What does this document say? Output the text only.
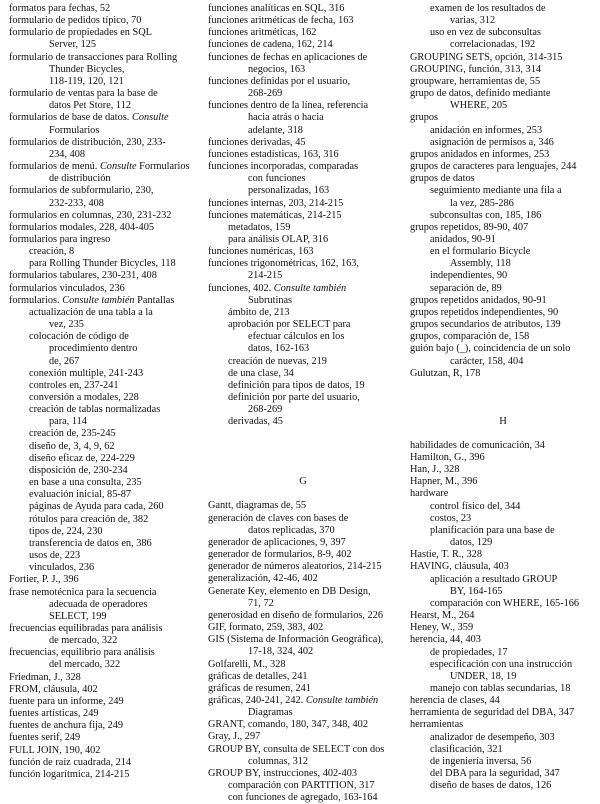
formatos para fechas, 52
formulario de pedidos típico, 70
formulario de propiedades en SQL
Server, 125
formulario de transacciones para Rolling
Thunder Bicycles,
118-119, 120, 121
formulario de ventas para la base de
datos Pet Store, 112
formularios de base de datos. Consulte
Formularios
formularios de distribución, 230, 233-
234, 408
formularios de menú. Consulte Formularios
de distribución
formularios de subformulario, 230,
232-233, 408
formularios en columnas, 230, 231-232
formularios modales, 228, 404-405
formularios para ingreso
creación, 8
para Rolling Thunder Bicycles, 118
formularios tabulares, 230-231, 408
formularios vinculados, 236
formularios. Consulte también Pantallas
actualización de una tabla a la
vez, 235
colocación de código de
procedimiento dentro
de, 267
conexión multiple, 241-243
controles en, 237-241
conversión a modales, 228
creación de tablas normalizadas
para, 114
creación de, 235-245
diseño de, 3, 4, 9, 62
diseño eficaz de, 224-229
disposición de, 230-234
en base a una consulta, 235
evaluación inicial, 85-87
páginas de Ayuda para cada, 260
rótulos para creación de, 382
tipos de, 224, 230
transferencia de datos en, 386
usos de, 223
vinculados, 236
Fortier, P. J., 396
frase nemotécnica para la secuencia
adecuada de operadores
SELECT, 199
frecuencias equilibradas para análisis
de mercado, 322
frecuencias, equilibrio para análisis
del mercado, 322
Friedman, J., 328
FROM, cláusula, 402
fuente para un informe, 249
fuentes artísticas, 249
fuentes de anchura fija, 249
fuentes serif, 249
FULL JOIN, 190, 402
función de raíz cuadrada, 214
función logarítmica, 214-215
funciones analíticas en SQL, 316
funciones aritméticas de fecha, 163
funciones aritméticas, 162
funciones de cadena, 162, 214
funciones de fechas en aplicaciones de
negocios, 163
funciones definidas por el usuario,
268-269
funciones dentro de la línea, referencia
hacia atrás o hacia
adelante, 318
funciones derivadas, 45
funciones estadísticas, 163, 316
funciones incorporadas, comparadas
con funciones
personalizadas, 163
funciones internas, 203, 214-215
funciones matemáticas, 214-215
metadatos, 159
para análisis OLAP, 316
funciones numéricas, 163
funciones trigonométricas, 162, 163,
214-215
funciones, 402. Consulte también
Subrutinas
ámbito de, 213
aprobación por SELECT para
efectuar cálculos en los
datos, 162-163
creación de nuevas, 219
de una clase, 34
definición para tipos de datos, 19
definición por parte del usuario,
268-269
derivadas, 45
G
Gantt, diagramas de, 55
generación de claves con bases de
datos replicadas, 370
generador de aplicaciones, 9, 397
generador de formularios, 8-9, 402
generador de números aleatorios, 214-215
generalización, 42-46, 402
Generate Key, elemento en DB Design,
71, 72
generosidad en diseño de formularios, 226
GIF, formato, 259, 383, 402
GIS (Sistema de Información Geográfica),
17-18, 324, 402
Golfarelli, M., 328
gráficas de detalles, 241
gráficas de resumen, 241
gráficas, 240-241, 242. Consulte también
Diagramas
GRANT, comando, 180, 347, 348, 402
Gray, J., 297
GROUP BY, consulta de SELECT con dos
columnas, 312
GROUP BY, instrucciones, 402-403
comparación con PARTITION, 317
con funciones de agregado, 163-164
examen de los resultados de
varias, 312
uso en vez de subconsultas
correlacionadas, 192
GROUPING SETS, opción, 314-315
GROUPING, función, 313, 314
groupware, herramientas de, 55
grupo de datos, definido mediante
WHERE, 205
grupos
anidación en informes, 253
asignación de permisos a, 346
grupos anidados en informes, 253
grupos de caracteres para lenguajes, 244
grupos de datos
seguimiento mediante una fila a
la vez, 285-286
subconsultas con, 185, 186
grupos repetidos, 89-90, 407
anidados, 90-91
en el formulario Bicycle
Assembly, 118
independientes, 90
separación de, 89
grupos repetidos anidados, 90-91
grupos repetidos independientes, 90
grupos secundarios de atributos, 139
grupos, comparación de, 158
guión bajo (_), coincidencia de un solo
carácter, 158, 404
Gulutzan, R, 178
H
habilidades de comunicación, 34
Hamilton, G., 396
Han, J., 328
Hapner, M., 396
hardware
control físico del, 344
costos, 23
planificación para una base de
datos, 129
Hastie, T. R., 328
HAVING, cláusula, 403
aplicación a resultado GROUP
BY, 164-165
comparación con WHERE, 165-166
Hearst, M., 264
Heney, W., 359
herencia, 44, 403
de propiedades, 17
especificación con una instrucción
UNDER, 18, 19
manejo con tablas secundarias, 18
herencia de clases, 44
herramienta de seguridad del DBA, 347
herramientas
analizador de desempeño, 303
clasificación, 321
de ingeniería inversa, 56
del DBA para la seguridad, 347
diseño de bases de datos, 126
